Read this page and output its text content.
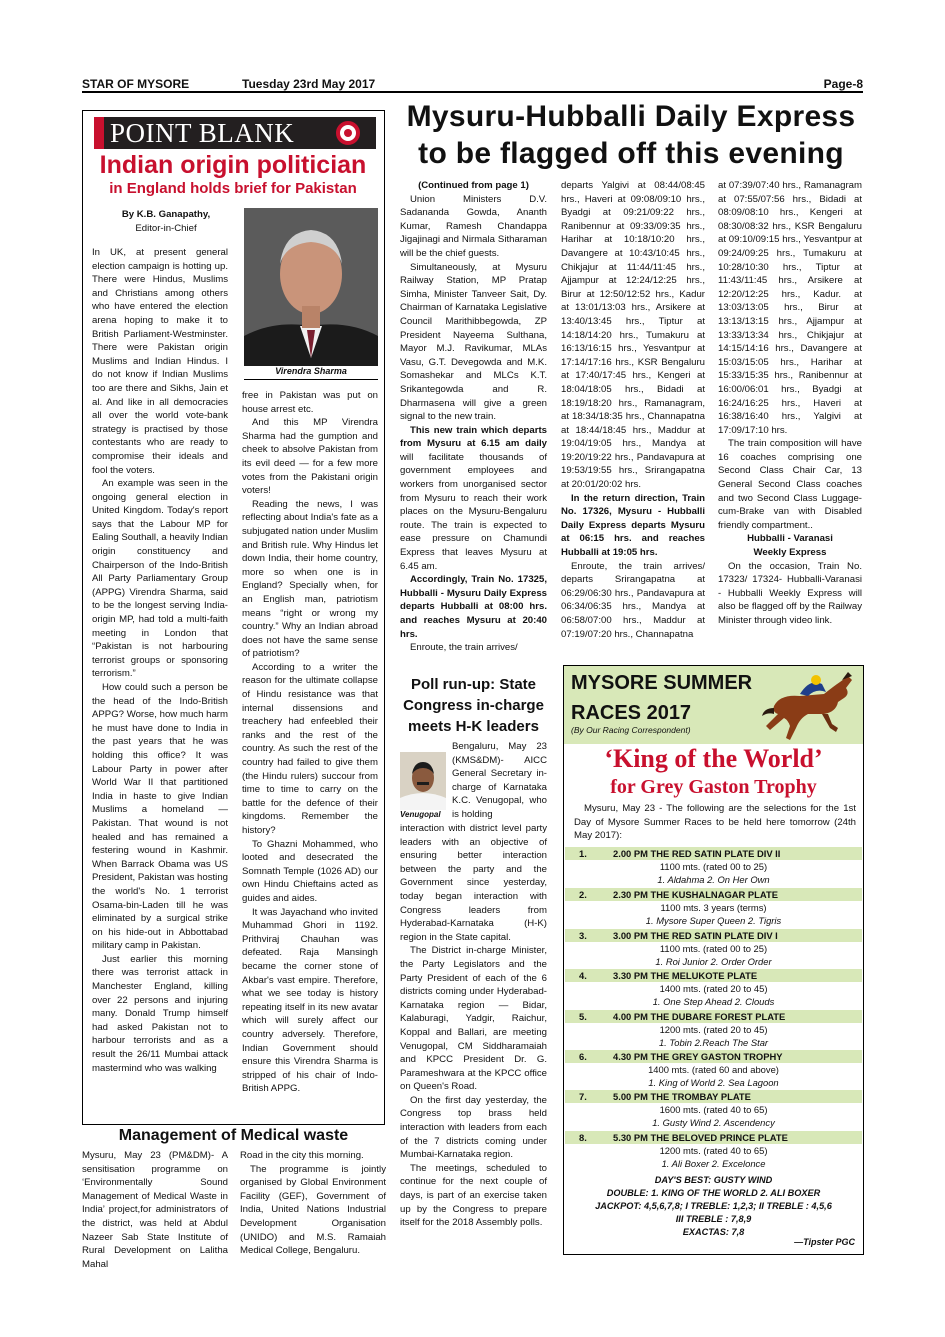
STAR OF MYSORE	Tuesday 23rd May 2017	Page-8
POINT BLANK
Indian origin politician
in England holds brief for Pakistan
By K.B. Ganapathy,
Editor-in-Chief
Virendra Sharma

In UK, at present general election campaign is hotting up. There were Hindus, Muslims and Christians among others who have entered the election arena hoping to make it to British Parliament-Westminster. There were Pakistan origin Muslims and Indian Hindus. I do not know if Indian Muslims too are there and Sikhs, Jain et al. And like in all democracies all over the world vote-bank strategy is practised by those contestants who are ready to compromise their ideals and fool the voters.

An example was seen in the ongoing general election in United Kingdom. Today's report says that the Labour MP for Ealing Southall, a heavily Indian origin constituency and Chairperson of the Indo-British All Party Parliamentary Group (APPG) Virendra Sharma, said to be the longest serving India-origin MP, had told a multi-faith meeting in London that “Pakistan is not harbouring terrorist groups or sponsoring terrorism.”

How could such a person be the head of the Indo-British APPG? Worse, how much harm he must have done to India in the past years that he was holding this office? It was Labour Party in power after World War II that partitioned India in haste to give Indian Muslims a homeland — Pakistan. That wound is not healed and has remained a festering wound in Kashmir. When Barrack Obama was US President, Pakistan was hosting the world's No. 1 terrorist Osama-bin-Laden till he was eliminated by a surgical strike on his hide-out in Abbottabad military camp in Pakistan.

Just earlier this morning there was terrorist attack in Manchester England, killing over 22 persons and injuring many. Donald Trump himself had asked Pakistan not to harbour terrorists and as a result the 26/11 Mumbai attack mastermind who was walking

free in Pakistan was put on house arrest etc.

And this MP Virendra Sharma had the gumption and cheek to absolve Pakistan from its evil deed — for a few more votes from the Pakistani origin voters!

Reading the news, I was reflecting about India's fate as a subjugated nation under Muslim and British rule. Why Hindus let down India, their home country, more so when one is in England? Specially when, for an English man, patriotism means “right or wrong my country.” Why an Indian abroad does not have the same sense of patriotism?

According to a writer the reason for the ultimate collapse of Hindu resistance was that internal dissensions and treachery had enfeebled their ranks and the rest of the country. As such the rest of the country had failed to give them (the Hindu rulers) succour from time to time to carry on the battle for the defence of their kingdoms. Remember the history?

To Ghazni Mohammed, who looted and desecrated the Somnath Temple (1026 AD) our own Hindu Chieftains acted as guides and aides.

It was Jayachand who invited Muhammad Ghori in 1192. Prithviraj Chauhan was defeated. Raja Mansingh became the corner stone of Akbar's vast empire. Therefore, what we see today is history repeating itself in its new avatar which will surely affect our country adversely. Therefore, Indian Government should ensure this Virendra Sharma is stripped of his chair of Indo-British APPG.

Management of Medical waste

Mysuru, May 23 (PM&DM)- A sensitisation programme on ‘Environmentally Sound Management of Medical Waste in India’ project,for administrators of the district, was held at Abdul Nazeer Sab State Institute of Rural Development on Lalitha Mahal

Road in the city this morning.

The programme is jointly organised by Global Environment Facility (GEF), Government of India, United Nations Industrial Development Organisation (UNIDO) and M.S. Ramaiah Medical College, Bengaluru.

Mysuru-Hubballi Daily Express
to be flagged off this evening

(Continued from page 1)

Union Ministers D.V. Sadananda Gowda, Ananth Kumar, Ramesh Chandappa Jigajinagi and Nirmala Sitharaman will be the chief guests.

Simultaneously, at Mysuru Railway Station, MP Pratap Simha, Minister Tanveer Sait, Dy. Chairman of Karnataka Legislative Council Marithibbegowda, ZP President Nayeema Sulthana, Mayor M.J. Ravikumar, MLAs Vasu, G.T. Devegowda and M.K. Somashekar and MLCs K.T. Srikantegowda and R. Dharmasena will give a green signal to the new train.

This new train which departs from Mysuru at 6.15 am daily will facilitate thousands of government employees and workers from unorganised sector from Mysuru to reach their work places on the Mysuru-Bengaluru route. The train is expected to ease pressure on Chamundi Express that leaves Mysuru at 6.45 am.

Accordingly, Train No. 17325, Hubballi - Mysuru Daily Express departs Hubballi at 08:00 hrs. and reaches Mysuru at 20:40 hrs.

Enroute, the train arrives/

departs Yalgivi at 08:44/08:45 hrs., Haveri at 09:08/09:10 hrs., Byadgi at 09:21/09:22 hrs., Ranibennur at 09:33/09:35 hrs., Harihar at 10:18/10:20 hrs., Davangere at 10:43/10:45 hrs., Chikjajur at 11:44/11:45 hrs., Ajjampur at 12:24/12:25 hrs., Birur at 12:50/12:52 hrs., Kadur at 13:01/13:03 hrs., Arsikere at 13:40/13:45 hrs., Tiptur at 14:18/14:20 hrs., Tumakuru at 16:13/16:15 hrs., Yesvantpur at 17:14/17:16 hrs., KSR Bengaluru at 17:40/17:45 hrs., Kengeri at 18:04/18:05 hrs., Bidadi at 18:19/18:20 hrs., Ramanagram, at 18:34/18:35 hrs., Channapatna at 18:44/18:45 hrs., Maddur at 19:04/19:05 hrs., Mandya at 19:20/19:22 hrs., Pandavapura at 19:53/19:55 hrs., Srirangapatna at 20:01/20:02 hrs.

In the return direction, Train No. 17326, Mysuru - Hubballi Daily Express departs Mysuru at 06:15 hrs. and reaches Hubballi at 19:05 hrs.

Enroute, the train arrives/ departs Srirangapatna at 06:29/06:30 hrs., Pandavapura at 06:34/06:35 hrs., Mandya at 06:58/07:00 hrs., Maddur at 07:19/07:20 hrs., Channapatna

at 07:39/07:40 hrs., Ramanagram at 07:55/07:56 hrs., Bidadi at 08:09/08:10 hrs., Kengeri at 08:30/08:32 hrs., KSR Bengaluru at 09:10/09:15 hrs., Yesvantpur at 09:24/09:25 hrs., Tumakuru at 10:28/10:30 hrs., Tiptur at 11:43/11:45 hrs., Arsikere at 12:20/12:25 hrs., Kadur. at 13:03/13:05 hrs., Birur at 13:13/13:15 hrs., Ajjampur at 13:33/13:34 hrs., Chikjajur at 14:15/14:16 hrs., Davangere at 15:03/15:05 hrs., Harihar at 15:33/15:35 hrs., Ranibennur at 16:00/06:01 hrs., Byadgi at 16:24/16:25 hrs., Haveri at 16:38/16:40 hrs., Yalgivi at 17:09/17:10 hrs.

The train composition will have 16 coaches comprising one Second Class Chair Car, 13 General Second Class coaches and two Second Class Luggage-cum-Brake van with Disabled friendly compartment..

Hubballi - Varanasi

Weekly Express

On the occasion, Train No. 17323/ 17324- Hubballi-Varanasi - Hubballi Weekly Express will also be flagged off by the Railway Minister through video link.

Poll run-up: State Congress in-charge meets H-K leaders
Venugopal

Bengaluru, May 23 (KMS&DM)- AICC General Secretary in-charge of Karnataka K.C. Venugopal, who is holding

interaction with district level party leaders with an objective of ensuring better interaction between the party and the Government since yesterday, today began interaction with Congress leaders from Hyderabad-Karnataka (H-K) region in the State capital.

The District in-charge Minister, the Party Legislators and the Party President of each of the 6 districts coming under Hyderabad-Karnataka region — Bidar, Kalaburagi, Yadgir, Raichur, Koppal and Ballari, are meeting Venugopal, CM Siddharamaiah and KPCC President Dr. G. Parameshwara at the KPCC office on Queen's Road.

On the first day yesterday, the Congress top brass held interaction with leaders from each of the 7 districts coming under Mumbai-Karnataka region.

The meetings, scheduled to continue for the next couple of days, is part of an exercise taken up by the Congress to prepare itself for the 2018 Assembly polls.

MYSORE SUMMER
RACES 2017
(By Our Racing Correspondent)
‘King of the World’
for Grey Gaston Trophy

Mysuru, May 23 - The following are the selections for the 1st Day of Mysore Summer Races to be held here tomorrow (24th May 2017):

1.	2.00 PM THE RED SATIN PLATE DIV II
1100 mts. (rated 00 to 25)
1. Aldahma 2. On Her Own
2.	2.30 PM THE KUSHALNAGAR PLATE
1100 mts. 3 years (terms)
1. Mysore Super Queen 2. Tigris
3.	3.00 PM THE RED SATIN PLATE DIV I
1100 mts. (rated 00 to 25)
1. Roi Junior 2. Order Order
4.	3.30 PM THE MELUKOTE PLATE
1400 mts. (rated 20 to 45)
1. One Step Ahead 2. Clouds
5.	4.00 PM THE DUBARE FOREST PLATE
1200 mts. (rated 20 to 45)
1. Tobin 2.Reach The Star
6.	4.30 PM THE GREY GASTON TROPHY
1400 mts. (rated 60 and above)
1. King of World 2. Sea Lagoon
7.	5.00 PM THE TROMBAY PLATE
1600 mts. (rated 40 to 65)
1. Gusty Wind 2. Ascendency
8.	5.30 PM THE BELOVED PRINCE PLATE
1200 mts. (rated 40 to 65)
1. Ali Boxer 2. Excelonce
DAY'S BEST: GUSTY WIND
DOUBLE: 1. KING OF THE WORLD 2. ALI BOXER
JACKPOT: 4,5,6,7,8; I TREBLE: 1,2,3; II TREBLE : 4,5,6
III TREBLE : 7,8,9
EXACTAS: 7,8
—Tipster PGC
